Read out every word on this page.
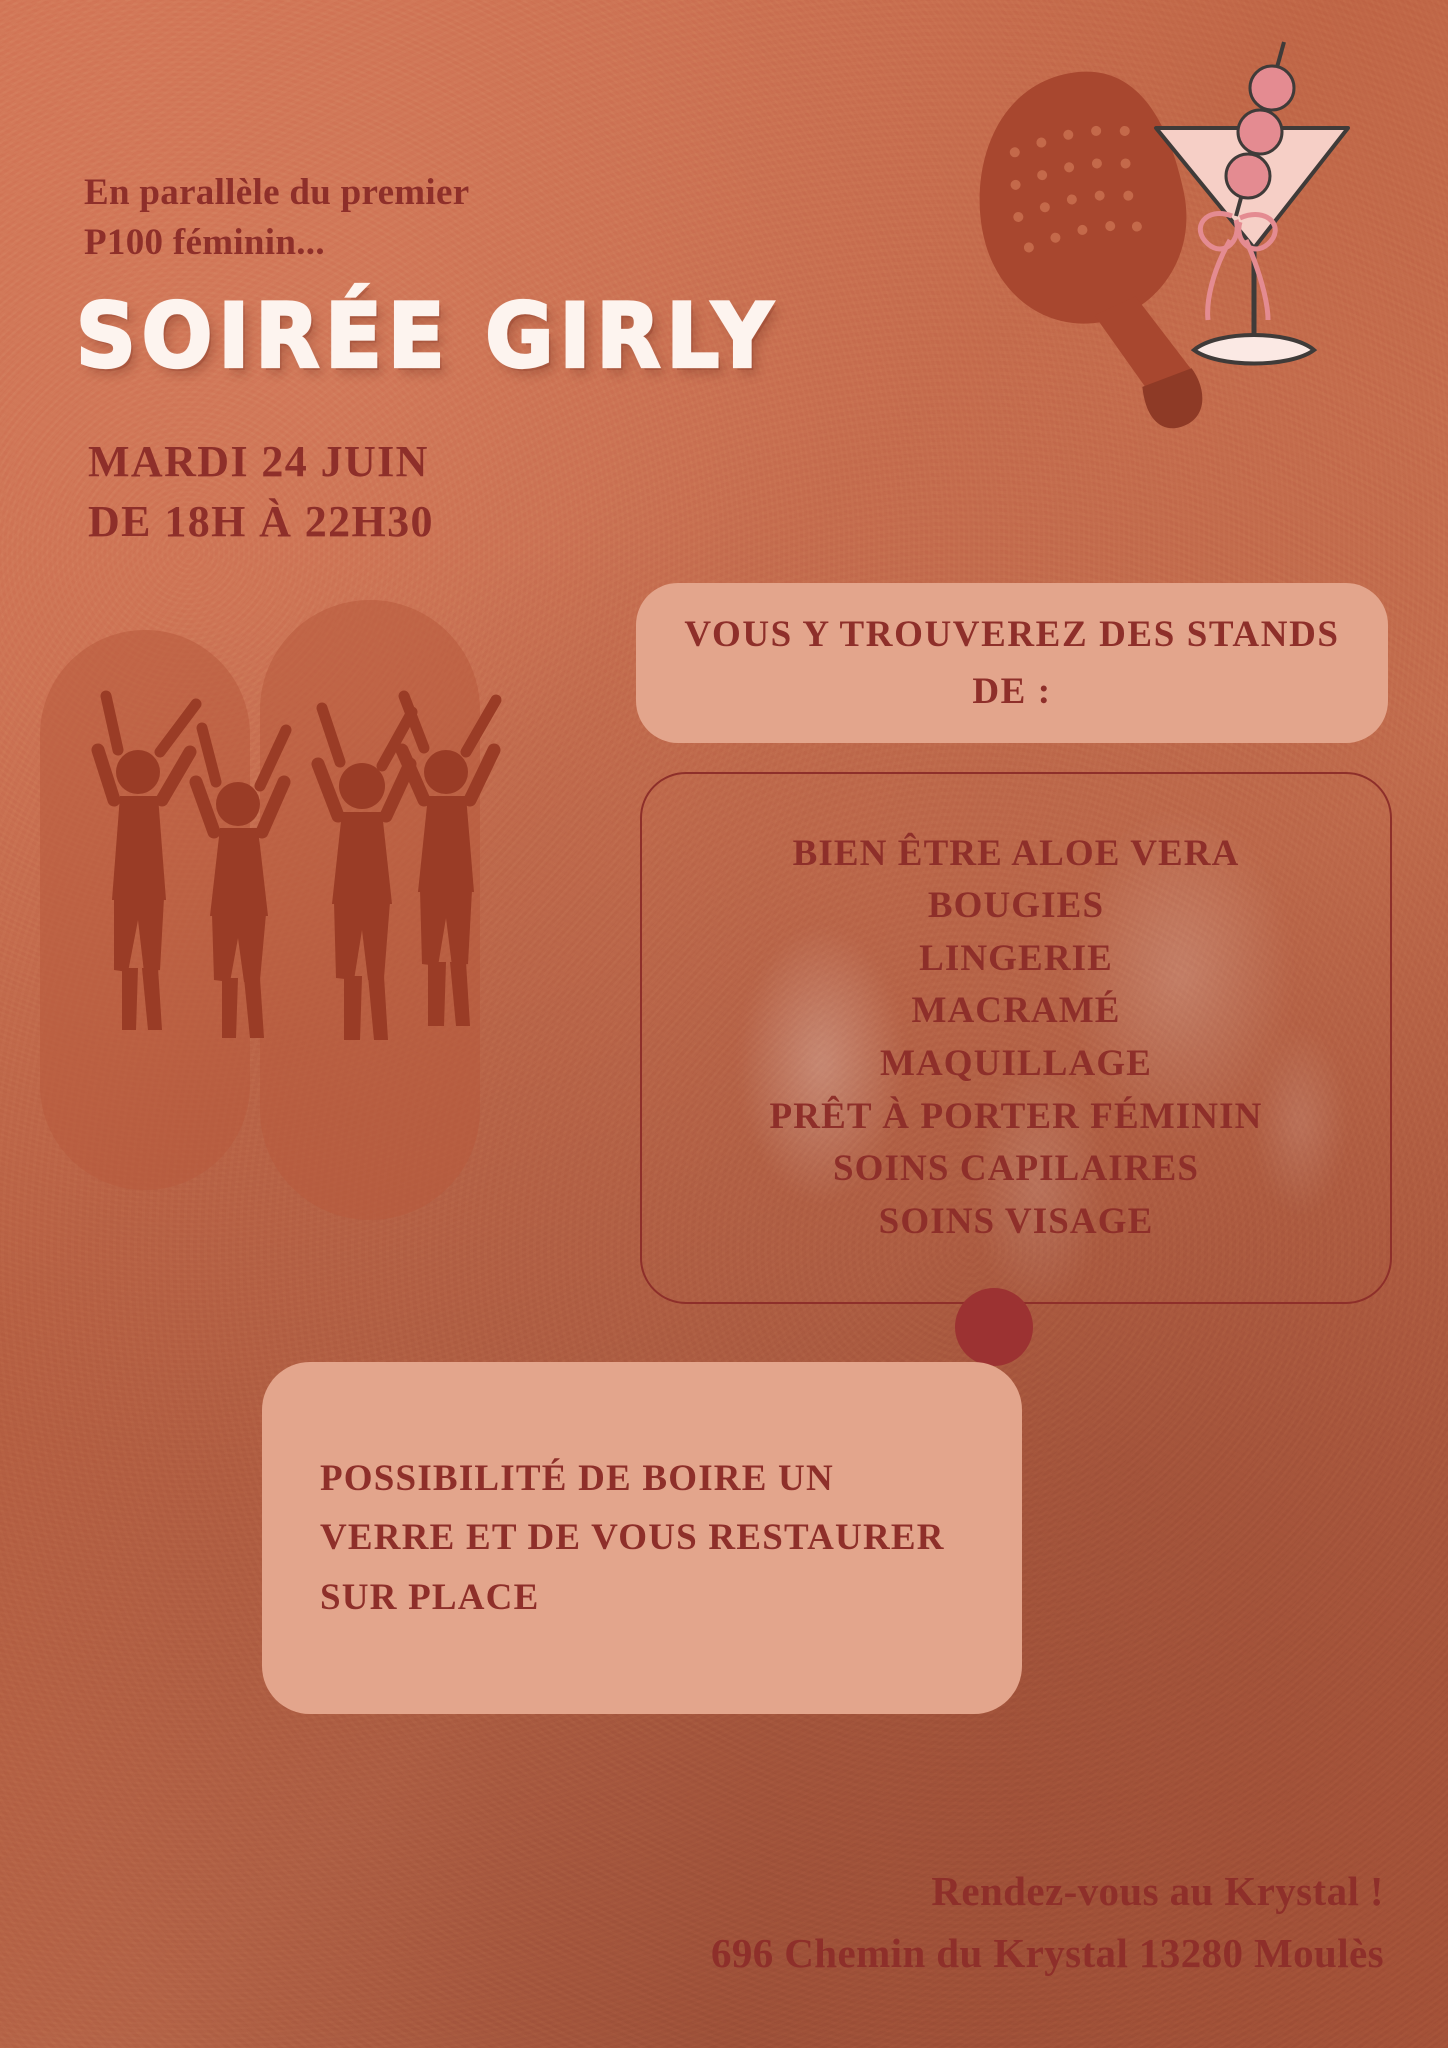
En parallèle du premier
P100 féminin...
SOIRÉE GIRLY
MARDI 24 JUIN
DE 18H À 22H30
VOUS Y TROUVEREZ DES STANDS DE :
BIEN ÊTRE ALOE VERA
BOUGIES
LINGERIE
MACRAMÉ
MAQUILLAGE
PRÊT À PORTER FÉMININ
SOINS CAPILAIRES
SOINS VISAGE
POSSIBILITÉ DE BOIRE UN VERRE ET DE VOUS RESTAURER SUR PLACE
Rendez-vous au Krystal !
696 Chemin du Krystal 13280 Moulès
